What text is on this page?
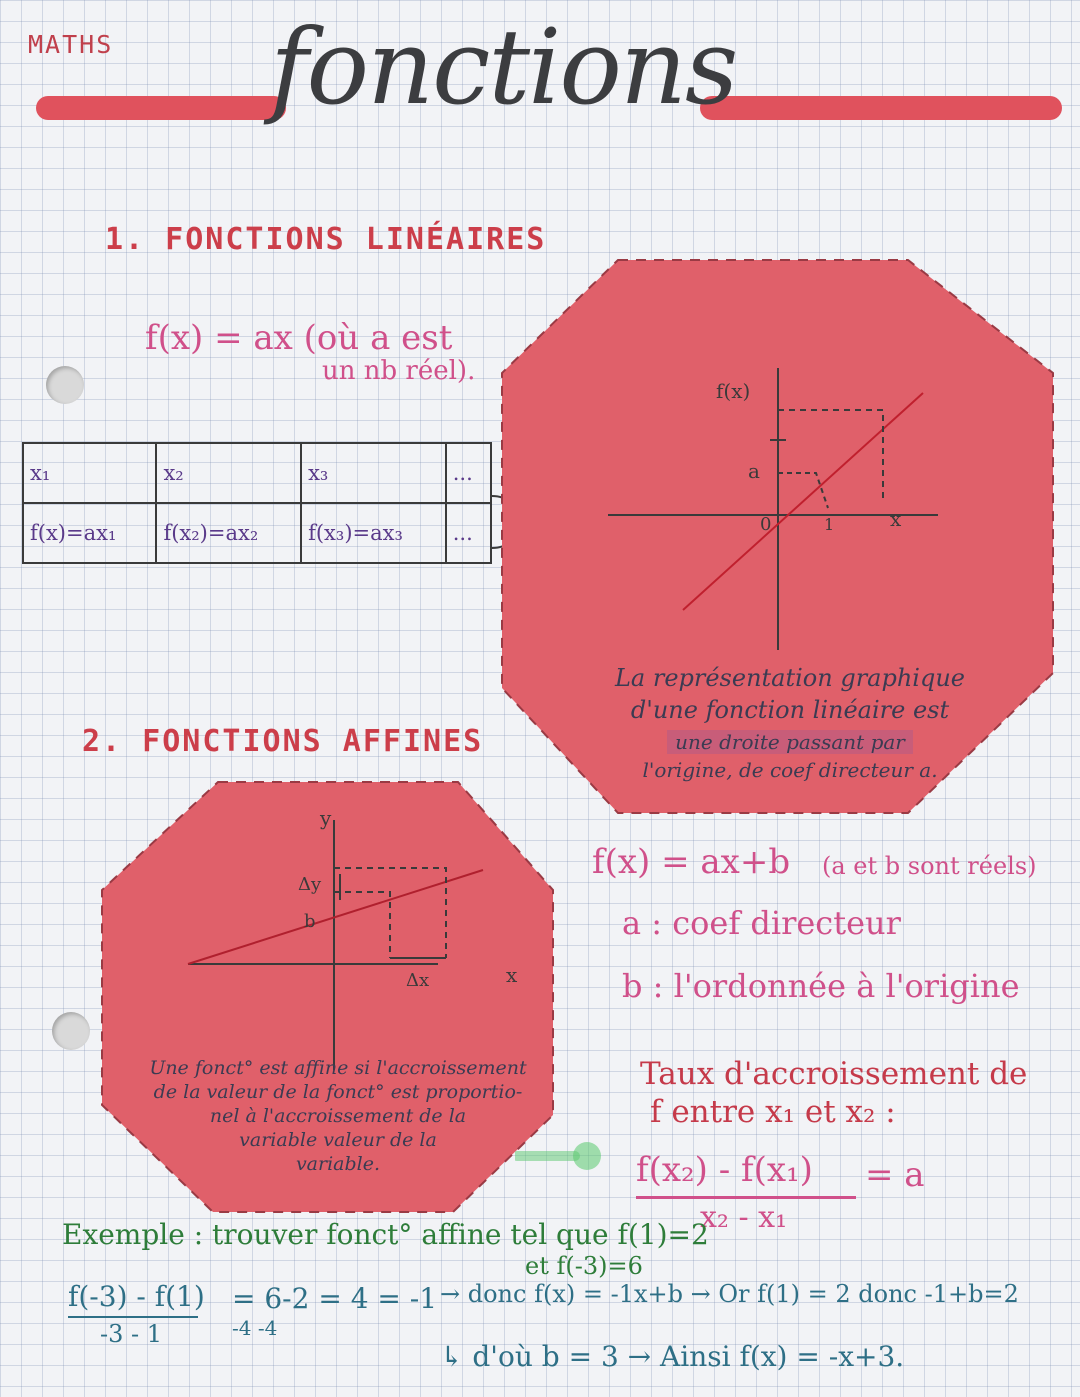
MATHS fonctions
1. FONCTIONS LINÉAIRES
f(x) = ax (où a est
un nb réel).
x₁	x₂	x₃	...
f(x)=ax₁	f(x₂)=ax₂	f(x₃)=ax₃	...
f(x)
a
0	1	x
La représentation graphique
d'une fonction linéaire est
une droite passant par
l'origine, de coef directeur a.
2. FONCTIONS AFFINES
y
Δy
b
Δx	x
Une fonct° est affine si l'accroissement
de la valeur de la fonct° est proportio-
nel à l'accroissement de la
variable valeur de la
variable.
f(x) = ax+b (a et b sont réels)
a : coef directeur
b : l'ordonnée à l'origine
Taux d'accroissement de
f entre x₁ et x₂ :
f(x₂) - f(x₁)
x₂ - x₁
= a
Exemple : trouver fonct° affine tel que f(1)=2
et f(-3)=6
f(-3) - f(1)
-3 - 1
= 6-2 = 4 = -1
-4 -4
→ donc f(x) = -1x+b → Or f(1) = 2 donc -1+b=2
↳ d'où b = 3 → Ainsi f(x) = -x+3.
